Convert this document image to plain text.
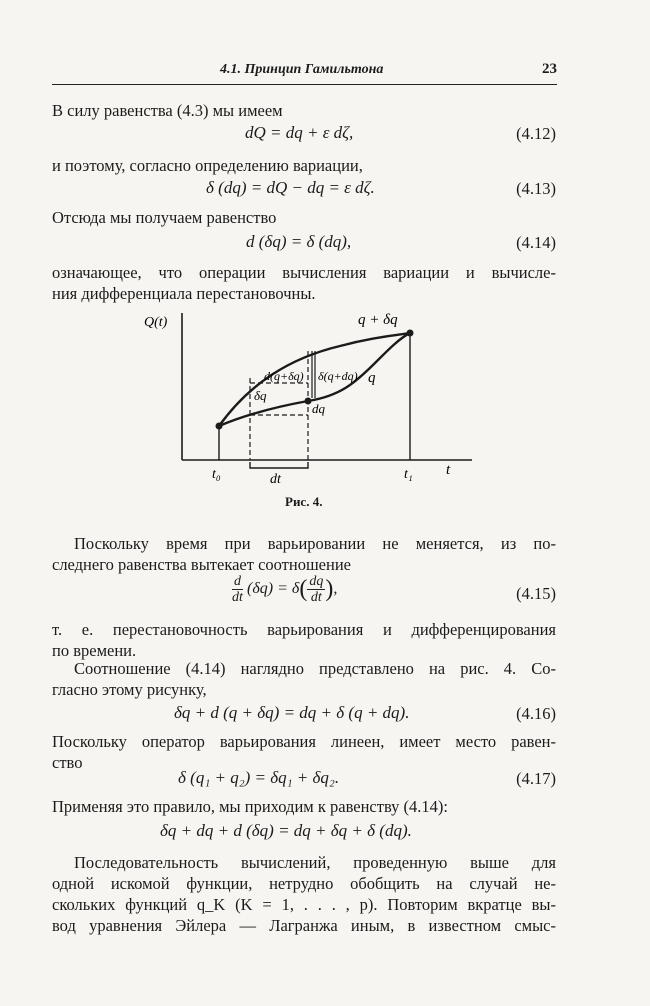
4.1. Принцип Гамильтона	23
В силу равенства (4.3) мы имеем
dQ = dq + ε dζ,	(4.12)
и поэтому, согласно определению вариации,
δ (dq) = dQ − dq = ε dζ.	(4.13)
Отсюда мы получаем равенство
d (δq) = δ (dq),	(4.14)
означающее, что операции вычисления вариации и вычисле-
ния дифференциала перестановочны.
Q(t)
t
q + δq
q
d(q+δq)
δq
δ(q+dq)
dq
dt
t₀	t₁
Рис. 4.
Поскольку время при варьировании не меняется, из по-
следнего равенства вытекает соотношение
$\frac{d}{dt} (\delta q) = \delta( \frac{dq}{dt}$ ),	(4.15)
т. е. перестановочность варьирования и дифференцирования
по времени.
Соотношение (4.14) наглядно представлено на рис. 4. Со-
гласно этому рисунку,
δq + d (q + δq) = dq + δ (q + dq).	(4.16)
Поскольку оператор варьирования линеен, имеет место равен-
ство
δ (q₁ + q₂) = δq₁ + δq₂.	(4.17)
Применяя это правило, мы приходим к равенству (4.14):
δq + dq + d (δq) = dq + δq + δ (dq).
Последовательность вычислений, проведенную выше для
одной искомой функции, нетрудно обобщить на случай не-
скольких функций q_K (K = 1, . . . , p). Повторим вкратце вы-
вод уравнения Эйлера — Лагранжа иным, в известном смыс-
